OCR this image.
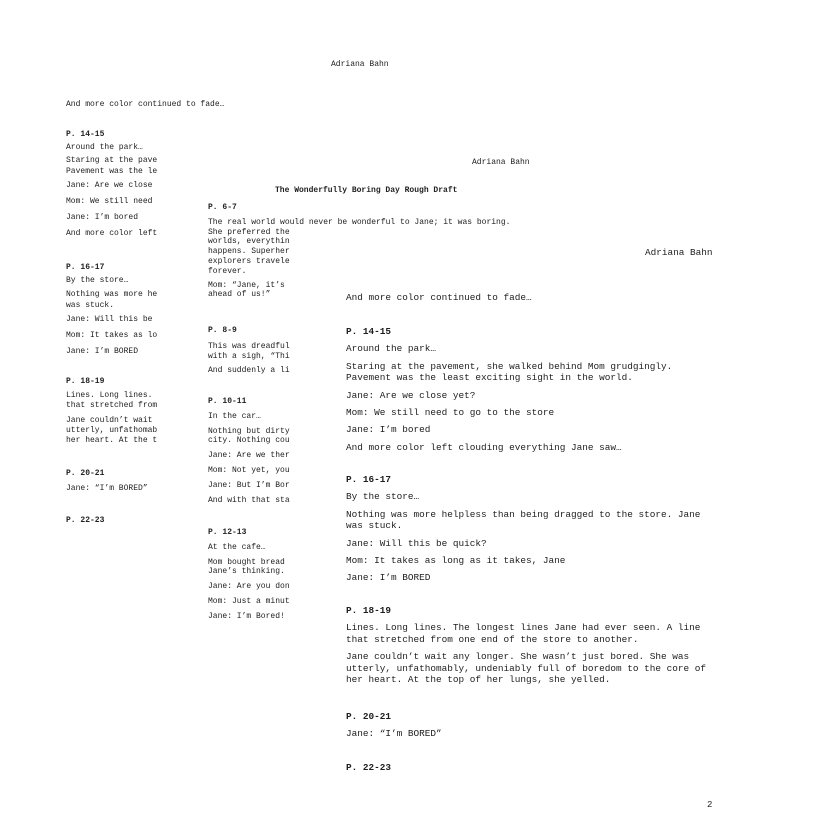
Adriana Bahn

And more color continued to fade…

P. 14-15

Around the park…

Staring at the pave

Pavement was the le

Jane: Are we close

Mom: We still need

Jane: I’m bored

And more color left

P. 16-17

By the store…

Nothing was more he

was stuck.

Jane: Will this be

Mom: It takes as lo

Jane: I’m BORED

P. 18-19

Lines. Long lines.

that stretched from

Jane couldn’t wait

utterly, unfathomab

her heart. At the t

P. 20-21

Jane: “I’m BORED”

P. 22-23

Adriana Bahn

The Wonderfully Boring Day Rough Draft

P. 6-7

The real world would never be wonderful to Jane; it was boring.

She preferred the

worlds, everythin

happens. Superher

explorers travele

forever.

Mom: “Jane, it’s

ahead of us!”

P. 8-9

This was dreadful

with a sigh, “Thi

And suddenly a li

P. 10-11

In the car…

Nothing but dirty

city. Nothing cou

Jane: Are we ther

Mom: Not yet, you

Jane: But I’m Bor

And with that sta

P. 12-13

At the cafe…

Mom bought bread

Jane’s thinking.

Jane: Are you don

Mom: Just a minut

Jane: I’m Bored!

Adriana Bahn

And more color continued to fade…

P. 14-15

Around the park…

Staring at the pavement, she walked behind Mom grudgingly. Pavement was the least exciting sight in the world.

Jane: Are we close yet?

Mom: We still need to go to the store

Jane: I’m bored

And more color left clouding everything Jane saw…

P. 16-17

By the store…

Nothing was more helpless than being dragged to the store. Jane was stuck.

Jane: Will this be quick?

Mom: It takes as long as it takes, Jane

Jane: I’m BORED

P. 18-19

Lines. Long lines. The longest lines Jane had ever seen. A line that stretched from one end of the store to another.

Jane couldn’t wait any longer. She wasn’t just bored. She was utterly, unfathomably, undeniably full of boredom to the core of her heart. At the top of her lungs, she yelled.

P. 20-21

Jane: “I’m BORED”

P. 22-23

2
